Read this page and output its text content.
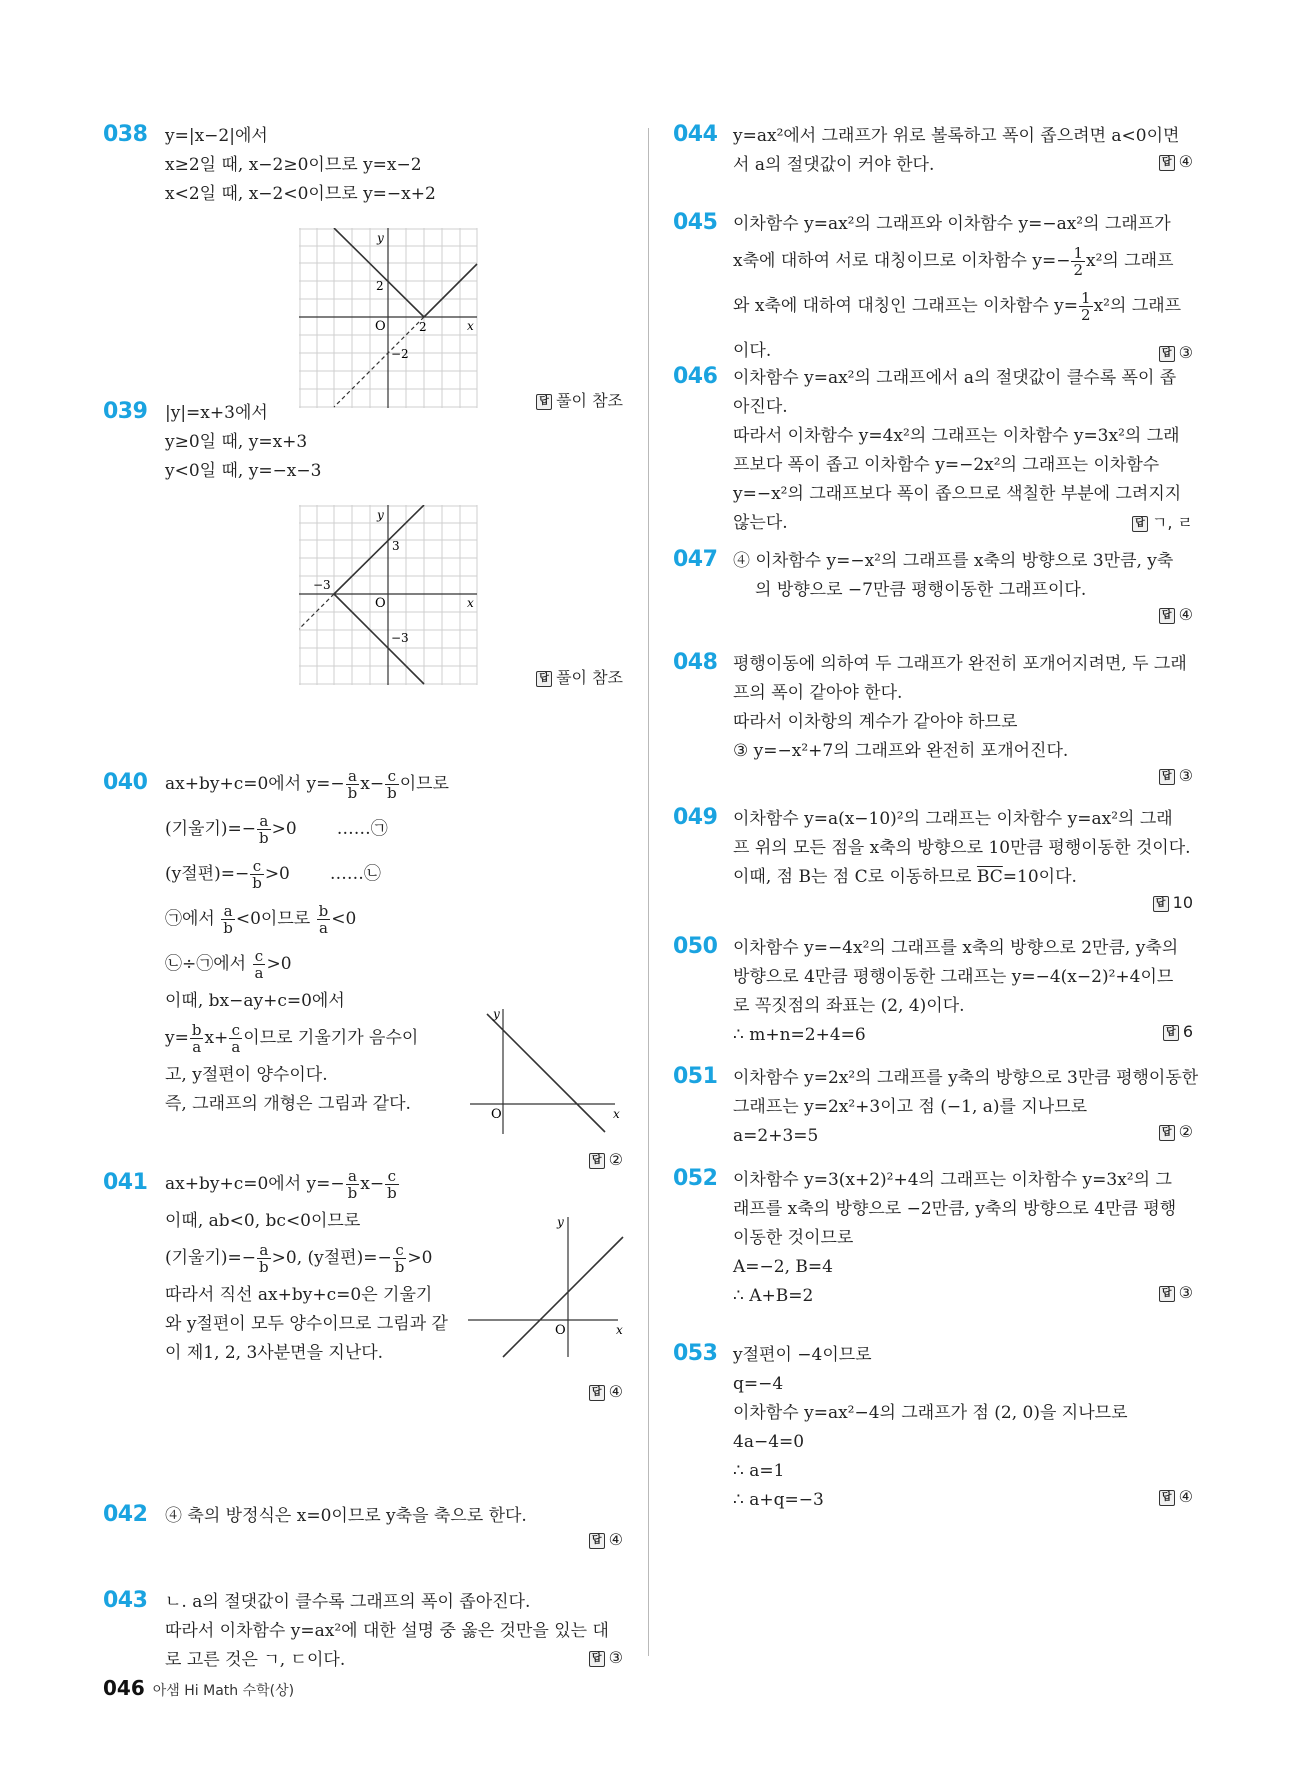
038 y=|x−2|에서
x≥2일 때, x−2≥0이므로 y=x−2
x<2일 때, x−2<0이므로 y=−x+2
y
x
O
2
2
−2
답 풀이 참조
039 |y|=x+3에서
y≥0일 때, y=x+3
y<0일 때, y=−x−3
y
x
O
3
−3
−3
답 풀이 참조
040 ax+by+c=0에서 $y=- \frac{a}{b} x- \frac{c}{b}$ 이므로
(기울기)=− $\frac{a}{b} >0$ ……㉠
(y절편)=− $\frac{c}{b} >0$ ……㉡
㉠에서 $\frac{a}{b} <0$이므로 $\frac{b}{a} <0$
㉡÷㉠에서 $\frac{c}{a} >0$
이때, bx−ay+c=0에서
$y= \frac{b}{a} x+ \frac{c}{a}$ 이므로 기울기가 음수이
고, y절편이 양수이다.
즉, 그래프의 개형은 그림과 같다.
y
x
O
답 ②
041 ax+by+c=0에서 $y=- \frac{a}{b} x- \frac{c}{b}$
이때, ab<0, bc<0이므로
(기울기)=− $\frac{a}{b} >0$, (y절편)=− $\frac{c}{b} >0$
따라서 직선 ax+by+c=0은 기울기
와 y절편이 모두 양수이므로 그림과 같
이 제1, 2, 3사분면을 지난다.
y
x
O
답 ④
042 ④ 축의 방정식은 x=0이므로 y축을 축으로 한다.
답 ④
043 ㄴ. a의 절댓값이 클수록 그래프의 폭이 좁아진다.
따라서 이차함수 y=ax²에 대한 설명 중 옳은 것만을 있는 대
로 고른 것은 ㄱ, ㄷ이다.	답 ③
044 y=ax²에서 그래프가 위로 볼록하고 폭이 좁으려면 a<0이면
서 a의 절댓값이 커야 한다.	답 ④
045 이차함수 y=ax²의 그래프와 이차함수 y=−ax²의 그래프가
x축에 대하여 서로 대칭이므로 이차함수 $y=- \frac{1}{2} x^2$의 그래프
와 x축에 대하여 대칭인 그래프는 이차함수 $y= \frac{1}{2} x^2$의 그래프
이다.	답 ③
046 이차함수 y=ax²의 그래프에서 a의 절댓값이 클수록 폭이 좁
아진다.
따라서 이차함수 y=4x²의 그래프는 이차함수 y=3x²의 그래
프보다 폭이 좁고 이차함수 y=−2x²의 그래프는 이차함수
y=−x²의 그래프보다 폭이 좁으므로 색칠한 부분에 그려지지
않는다.	답 ㄱ, ㄹ
047 ④ 이차함수 y=−x²의 그래프를 x축의 방향으로 3만큼, y축
의 방향으로 −7만큼 평행이동한 그래프이다.
답 ④
048 평행이동에 의하여 두 그래프가 완전히 포개어지려면, 두 그래
프의 폭이 같아야 한다.
따라서 이차항의 계수가 같아야 하므로
③ y=−x²+7의 그래프와 완전히 포개어진다.
답 ③
049 이차함수 y=a(x−10)²의 그래프는 이차함수 y=ax²의 그래
프 위의 모든 점을 x축의 방향으로 10만큼 평행이동한 것이다.
이때, 점 B는 점 C로 이동하므로 $\overline{BC}=10$이다.
답 10
050 이차함수 y=−4x²의 그래프를 x축의 방향으로 2만큼, y축의
방향으로 4만큼 평행이동한 그래프는 y=−4(x−2)²+4이므
로 꼭짓점의 좌표는 (2, 4)이다.
∴ m+n=2+4=6	답 6
051 이차함수 y=2x²의 그래프를 y축의 방향으로 3만큼 평행이동한
그래프는 y=2x²+3이고 점 (−1, a)를 지나므로
a=2+3=5	답 ②
052 이차함수 y=3(x+2)²+4의 그래프는 이차함수 y=3x²의 그
래프를 x축의 방향으로 −2만큼, y축의 방향으로 4만큼 평행
이동한 것이므로
A=−2, B=4
∴ A+B=2	답 ③
053 y절편이 −4이므로
q=−4
이차함수 y=ax²−4의 그래프가 점 (2, 0)을 지나므로
4a−4=0
∴ a=1
∴ a+q=−3	답 ④
046 아샘 Hi Math 수학(상)
